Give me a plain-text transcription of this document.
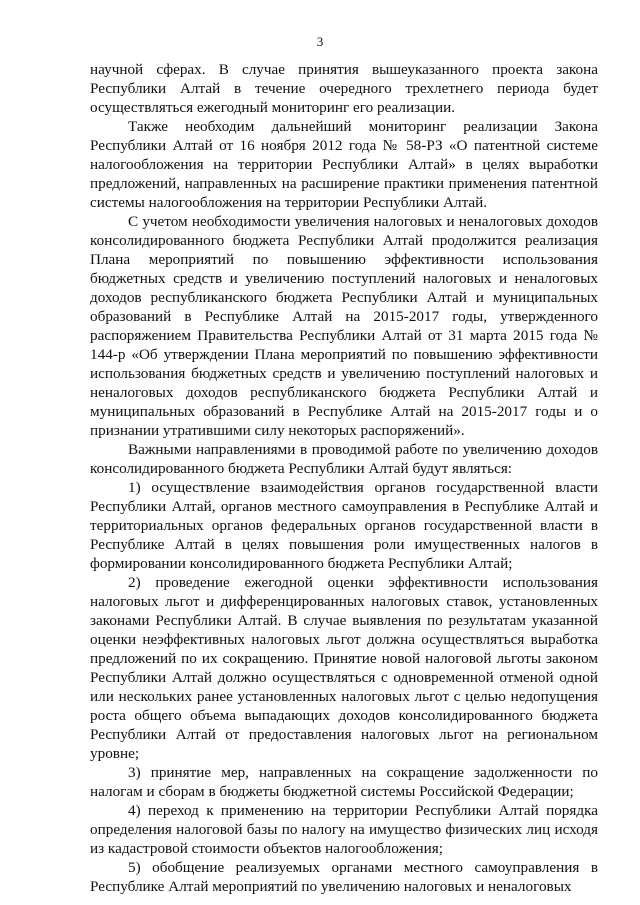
3

научной сферах. В случае принятия вышеуказанного проекта закона Республики Алтай в течение очередного трехлетнего периода будет осуществляться ежегодный мониторинг его реализации.

Также необходим дальнейший мониторинг реализации Закона Республики Алтай от 16 ноября 2012 года № 58-РЗ «О патентной системе налогообложения на территории Республики Алтай» в целях выработки предложений, направленных на расширение практики применения патентной системы налогообложения на территории Республики Алтай.

С учетом необходимости увеличения налоговых и неналоговых доходов консолидированного бюджета Республики Алтай продолжится реализация Плана мероприятий по повышению эффективности использования бюджетных средств и увеличению поступлений налоговых и неналоговых доходов республиканского бюджета Республики Алтай и муниципальных образований в Республике Алтай на 2015-2017 годы, утвержденного распоряжением Правительства Республики Алтай от 31 марта 2015 года № 144-р «Об утверждении Плана мероприятий по повышению эффективности использования бюджетных средств и увеличению поступлений налоговых и неналоговых доходов республиканского бюджета Республики Алтай и муниципальных образований в Республике Алтай на 2015-2017 годы и о признании утратившими силу некоторых распоряжений».

Важными направлениями в проводимой работе по увеличению доходов консолидированного бюджета Республики Алтай будут являться:

1) осуществление взаимодействия органов государственной власти Республики Алтай, органов местного самоуправления в Республике Алтай и территориальных органов федеральных органов государственной власти в Республике Алтай в целях повышения роли имущественных налогов в формировании консолидированного бюджета Республики Алтай;

2) проведение ежегодной оценки эффективности использования налоговых льгот и дифференцированных налоговых ставок, установленных законами Республики Алтай. В случае выявления по результатам указанной оценки неэффективных налоговых льгот должна осуществляться выработка предложений по их сокращению. Принятие новой налоговой льготы законом Республики Алтай должно осуществляться с одновременной отменой одной или нескольких ранее установленных налоговых льгот с целью недопущения роста общего объема выпадающих доходов консолидированного бюджета Республики Алтай от предоставления налоговых льгот на региональном уровне;

3) принятие мер, направленных на сокращение задолженности по налогам и сборам в бюджеты бюджетной системы Российской Федерации;

4) переход к применению на территории Республики Алтай порядка определения налоговой базы по налогу на имущество физических лиц исходя из кадастровой стоимости объектов налогообложения;

5) обобщение реализуемых органами местного самоуправления в Республике Алтай мероприятий по увеличению налоговых и неналоговых
